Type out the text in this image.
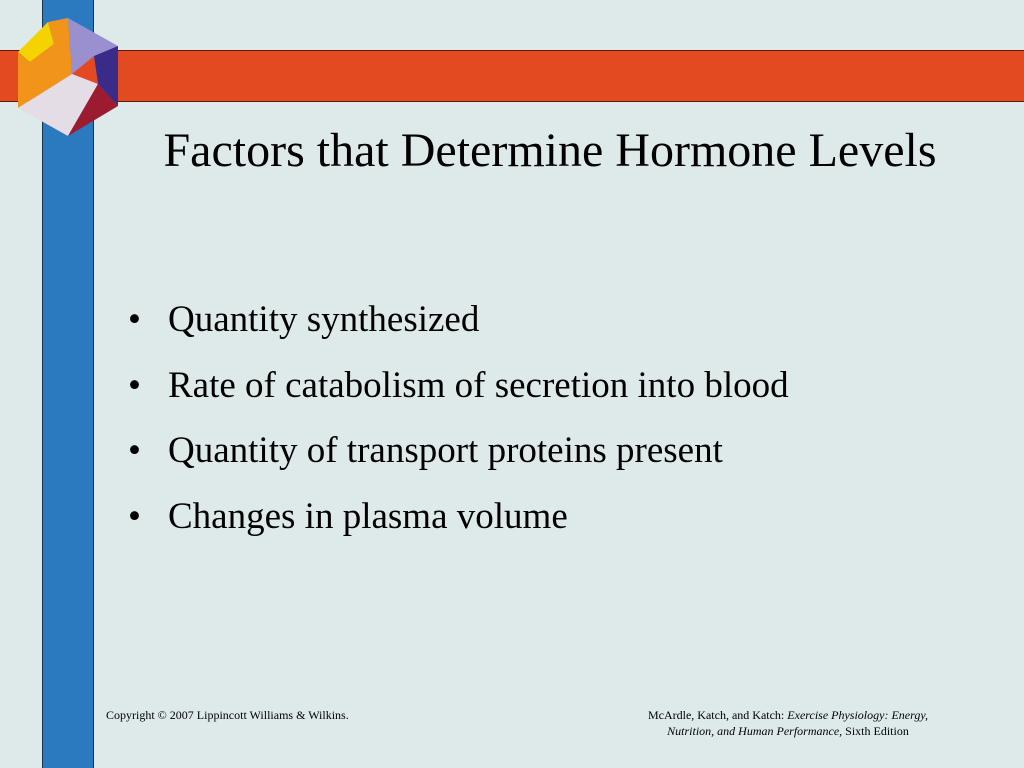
Factors that Determine Hormone Levels
• Quantity synthesized
• Rate of catabolism of secretion into blood
• Quantity of transport proteins present
• Changes in plasma volume
Copyright © 2007 Lippincott Williams & Wilkins.	McArdle, Katch, and Katch: Exercise Physiology: Energy,
Nutrition, and Human Performance, Sixth Edition
